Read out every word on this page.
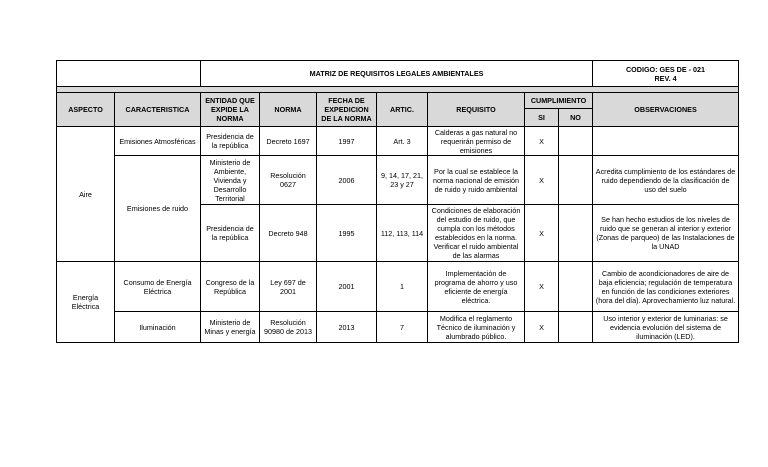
		MATRIZ DE REQUISITOS LEGALES AMBIENTALES							CODIGO: GES DE - 021
REV. 4

ASPECTO	CARACTERISTICA	ENTIDAD QUE EXPIDE LA NORMA	NORMA	FECHA DE EXPEDICION DE LA NORMA	ARTIC.	REQUISITO	CUMPLIMIENTO		OBSERVACIONES
							SI	NO	
Aire	Emisiones Atmosféricas	Presidencia de la república	Decreto 1697	1997	Art. 3	Calderas a gas natural no requerirán permiso de emisiones	X		
	Emisiones de ruido	Ministerio de Ambiente, Vivienda y Desarrollo Territorial	Resolución 0627	2006	9, 14, 17, 21, 23 y 27	Por la cual se establece la norma nacional de emisión de ruido y ruido ambiental	X		Acredita cumplimiento de los estándares de ruido dependiendo de la clasificación de uso del suelo
		Presidencia de la república	Decreto 948	1995	112, 113, 114	Condiciones de elaboración del estudio de ruido, que cumpla con los métodos establecidos en la norma. Verificar el ruido ambiental de las alarmas	X		Se han hecho estudios de los niveles de ruido que se generan al interior y exterior (Zonas de parqueo) de las Instalaciones de la UNAD
Energía Eléctrica	Consumo de Energía Eléctrica	Congreso de la República	Ley 697 de 2001	2001	1	Implementación de programa de ahorro y uso eficiente de energía eléctrica.	X		Cambio de acondicionadores de aire de baja eficiencia; regulación de temperatura en función de las condiciones exteriores (hora del día). Aprovechamiento luz natural.
	Iluminación	Ministerio de Minas y energía	Resolución 90980 de 2013	2013	7	Modifica el reglamento Técnico de iluminación y alumbrado público.	X		Uso interior y exterior de luminarias: se evidencia evolución del sistema de iluminación (LED).
